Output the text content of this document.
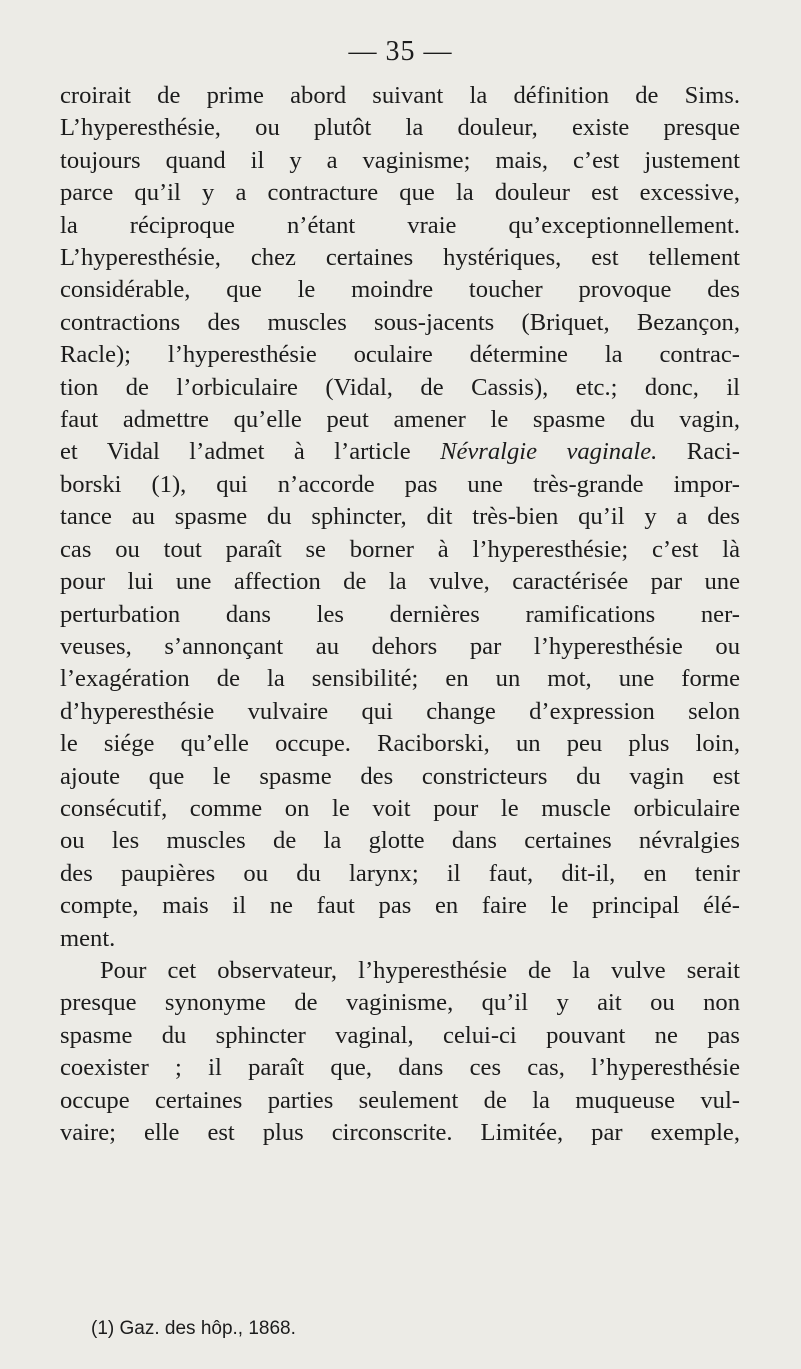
— 35 —
croirait de prime abord suivant la définition de Sims.
L’hyperesthésie, ou plutôt la douleur, existe presque
toujours quand il y a vaginisme; mais, c’est justement
parce qu’il y a contracture que la douleur est excessive,
la réciproque n’étant vraie qu’exceptionnellement.
L’hyperesthésie, chez certaines hystériques, est tellement
considérable, que le moindre toucher provoque des
contractions des muscles sous-jacents (Briquet, Bezançon,
Racle); l’hyperesthésie oculaire détermine la contrac-
tion de l’orbiculaire (Vidal, de Cassis), etc.; donc, il
faut admettre qu’elle peut amener le spasme du vagin,
et Vidal l’admet à l’article Névralgie vaginale. Raci-
borski (1), qui n’accorde pas une très-grande impor-
tance au spasme du sphincter, dit très-bien qu’il y a des
cas ou tout paraît se borner à l’hyperesthésie; c’est là
pour lui une affection de la vulve, caractérisée par une
perturbation dans les dernières ramifications ner-
veuses, s’annonçant au dehors par l’hyperesthésie ou
l’exagération de la sensibilité; en un mot, une forme
d’hyperesthésie vulvaire qui change d’expression selon
le siége qu’elle occupe. Raciborski, un peu plus loin,
ajoute que le spasme des constricteurs du vagin est
consécutif, comme on le voit pour le muscle orbiculaire
ou les muscles de la glotte dans certaines névralgies
des paupières ou du larynx; il faut, dit-il, en tenir
compte, mais il ne faut pas en faire le principal élé-
ment.
Pour cet observateur, l’hyperesthésie de la vulve serait
presque synonyme de vaginisme, qu’il y ait ou non
spasme du sphincter vaginal, celui-ci pouvant ne pas
coexister ; il paraît que, dans ces cas, l’hyperesthésie
occupe certaines parties seulement de la muqueuse vul-
vaire; elle est plus circonscrite. Limitée, par exemple,
(1) Gaz. des hôp., 1868.
